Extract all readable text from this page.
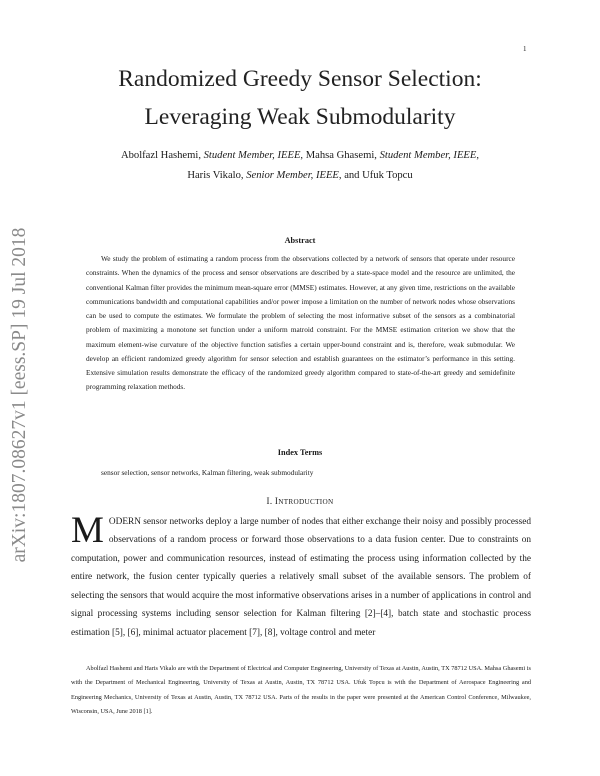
1
arXiv:1807.08627v1 [eess.SP] 19 Jul 2018
Randomized Greedy Sensor Selection:
Leveraging Weak Submodularity
Abolfazl Hashemi, Student Member, IEEE, Mahsa Ghasemi, Student Member, IEEE,
Haris Vikalo, Senior Member, IEEE, and Ufuk Topcu
Abstract

We study the problem of estimating a random process from the observations collected by a network of sensors that operate under resource constraints. When the dynamics of the process and sensor observations are described by a state-space model and the resource are unlimited, the conventional Kalman filter provides the minimum mean-square error (MMSE) estimates. However, at any given time, restrictions on the available communications bandwidth and computational capabilities and/or power impose a limitation on the number of network nodes whose observations can be used to compute the estimates. We formulate the problem of selecting the most informative subset of the sensors as a combinatorial problem of maximizing a monotone set function under a uniform matroid constraint. For the MMSE estimation criterion we show that the maximum element-wise curvature of the objective function satisfies a certain upper-bound constraint and is, therefore, weak submodular. We develop an efficient randomized greedy algorithm for sensor selection and establish guarantees on the estimator’s performance in this setting. Extensive simulation results demonstrate the efficacy of the randomized greedy algorithm compared to state-of-the-art greedy and semidefinite programming relaxation methods.

Index Terms
sensor selection, sensor networks, Kalman filtering, weak submodularity
I. INTRODUCTION

MODERN sensor networks deploy a large number of nodes that either exchange their noisy and possibly processed observations of a random process or forward those observations to a data fusion center. Due to constraints on computation, power and communication resources, instead of estimating the process using information collected by the entire network, the fusion center typically queries a relatively small subset of the available sensors. The problem of selecting the sensors that would acquire the most informative observations arises in a number of applications in control and signal processing systems including sensor selection for Kalman filtering [2]–[4], batch state and stochastic process estimation [5], [6], minimal actuator placement [7], [8], voltage control and meter

Abolfazl Hashemi and Haris Vikalo are with the Department of Electrical and Computer Engineering, University of Texas at Austin, Austin, TX 78712 USA. Mahsa Ghasemi is with the Department of Mechanical Engineering, University of Texas at Austin, Austin, TX 78712 USA. Ufuk Topcu is with the Department of Aerospace Engineering and Engineering Mechanics, University of Texas at Austin, Austin, TX 78712 USA. Parts of the results in the paper were presented at the American Control Conference, Milwaukee, Wisconsin, USA, June 2018 [1].
